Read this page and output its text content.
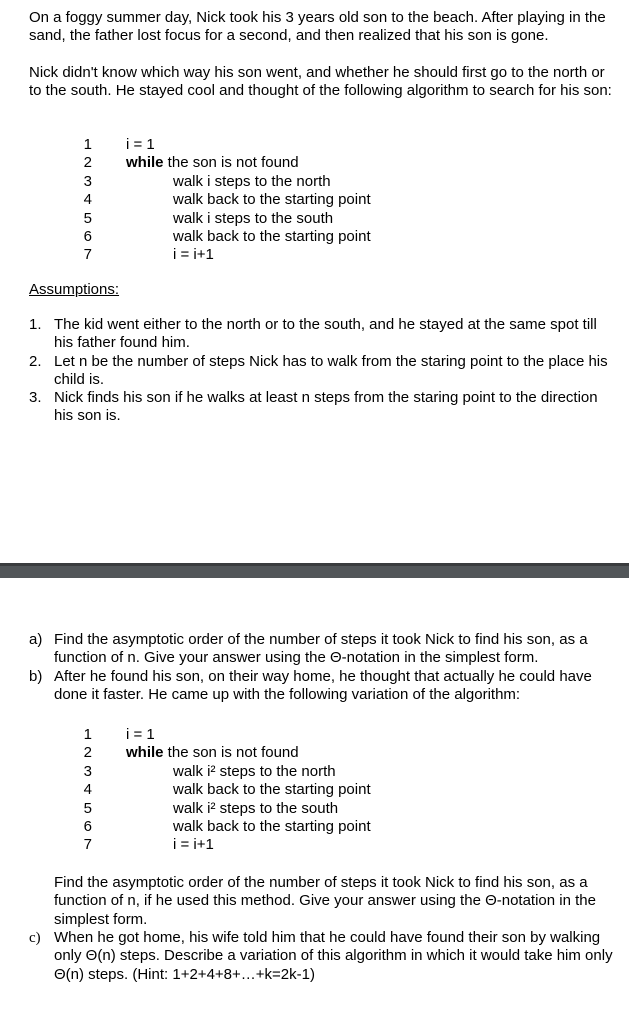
On a foggy summer day, Nick took his 3 years old son to the beach. After playing in the sand, the father lost focus for a second, and then realized that his son is gone.
Nick didn't know which way his son went, and whether he should first go to the north or to the south. He stayed cool and thought of the following algorithm to search for his son:
1 i = 1
2 while the son is not found
3	walk i steps to the north
4	walk back to the starting point
5	walk i steps to the south
6	walk back to the starting point
7	i = i+1
Assumptions:
1. The kid went either to the north or to the south, and he stayed at the same spot till his father found him.
2. Let n be the number of steps Nick has to walk from the staring point to the place his child is.
3. Nick finds his son if he walks at least n steps from the staring point to the direction his son is.
a) Find the asymptotic order of the number of steps it took Nick to find his son, as a function of n. Give your answer using the Θ-notation in the simplest form.
b) After he found his son, on their way home, he thought that actually he could have done it faster. He came up with the following variation of the algorithm:
1 i = 1
2 while the son is not found
3	walk i² steps to the north
4	walk back to the starting point
5	walk i² steps to the south
6	walk back to the starting point
7	i = i+1
Find the asymptotic order of the number of steps it took Nick to find his son, as a function of n, if he used this method. Give your answer using the Θ-notation in the simplest form.
c) When he got home, his wife told him that he could have found their son by walking only Θ(n) steps. Describe a variation of this algorithm in which it would take him only Θ(n) steps. (Hint: 1+2+4+8+…+k=2k-1)
